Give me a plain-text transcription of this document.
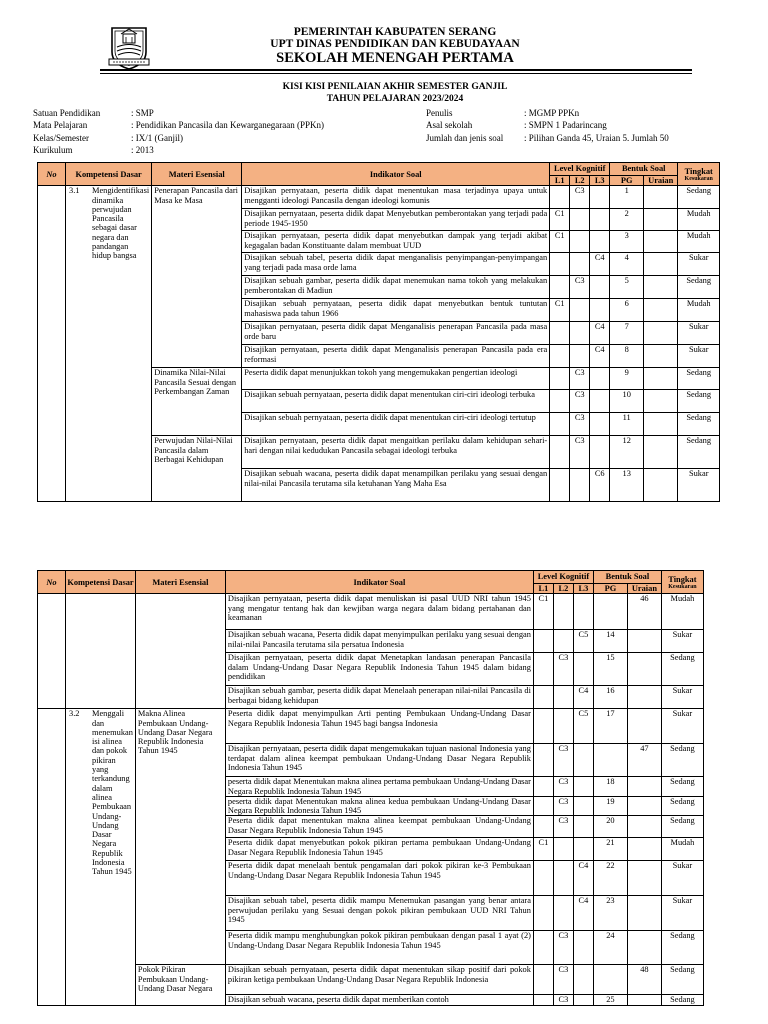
PEMERINTAH KABUPATEN SERANG
UPT DINAS PENDIDIKAN DAN KEBUDAYAAN
SEKOLAH MENENGAH PERTAMA
KISI KISI PENILAIAN AKHIR SEMESTER GANJIL
TAHUN PELAJARAN 2023/2024
Satuan Pendidikan	: SMP
Mata Pelajaran	: Pendidikan Pancasila dan Kewarganegaraan (PPKn)
Kelas/Semester	: IX/1 (Ganjil)
Kurikulum	: 2013
Penulis	: MGMP PPKn
Asal sekolah	: SMPN 1 Padarincang
Jumlah dan jenis soal : Pilihan Ganda 45, Uraian 5. Jumlah 50
No	Kompetensi Dasar	Materi Esensial	Indikator Soal	Level Kognitif			Bentuk Soal		Tingkat
Kesukaran

				L1	L2	L3	PG	Uraian	

	3.1 Mengidentifikasi dinamika perwujudan Pancasila sebagai dasar negara dan pandangan hidup bangsa	Penerapan Pancasila dari Masa ke Masa	Disajikan pernyataan, peserta didik dapat menentukan masa terjadinya upaya untuk mengganti ideologi Pancasila dengan ideologi komunis		C3		1		Sedang
			Disajikan pernyataan, peserta didik dapat Menyebutkan pemberontakan yang terjadi pada periode 1945-1950	C1			2		Mudah
			Disajikan pernyataan, peserta didik dapat menyebutkan dampak yang terjadi akibat kegagalan badan Konstituante dalam membuat UUD	C1			3		Mudah
			Disajikan sebuah tabel, peserta didik dapat menganalisis penyimpangan-penyimpangan yang terjadi pada masa orde lama			C4	4		Sukar
			Disajikan sebuah gambar, peserta didik dapat menemukan nama tokoh yang melakukan pemberontakan di Madiun		C3		5		Sedang
			Disajikan sebuah pernyataan, peserta didik dapat menyebutkan bentuk tuntutan mahasiswa pada tahun 1966	C1			6		Mudah
			Disajikan pernyataan, peserta didik dapat Menganalisis penerapan Pancasila pada masa orde baru			C4	7		Sukar
			Disajikan pernyataan, peserta didik dapat Menganalisis penerapan Pancasila pada era reformasi			C4	8		Sukar
		Dinamika Nilai-Nilai Pancasila Sesuai dengan Perkembangan Zaman	Peserta didik dapat menunjukkan tokoh yang mengemukakan pengertian ideologi		C3		9		Sedang
			Disajikan sebuah pernyataan, peserta didik dapat menentukan ciri-ciri ideologi terbuka		C3		10		Sedang
			Disajikan sebuah pernyataan, peserta didik dapat menentukan ciri-ciri ideologi tertutup		C3		11		Sedang
		Perwujudan Nilai-Nilai Pancasila dalam Berbagai Kehidupan	Disajikan pernyataan, peserta didik dapat mengaitkan perilaku dalam kehidupan sehari-hari dengan nilai kedudukan Pancasila sebagai ideologi terbuka		C3		12		Sedang
			Disajikan sebuah wacana, peserta didik dapat menampilkan perilaku yang sesuai dengan nilai-nilai Pancasila terutama sila ketuhanan Yang Maha Esa			C6	13		Sukar
No	Kompetensi Dasar	Materi Esensial	Indikator Soal	Level Kognitif			Bentuk Soal		Tingkat
Kesukaran

				L1	L2	L3	PG	Uraian	
			Disajikan pernyataan, peserta didik dapat menuliskan isi pasal UUD NRI tahun 1945 yang mengatur tentang hak dan kewjiban warga negara dalam bidang pertahanan dan keamanan	C1				46	Mudah
			Disajikan sebuah wacana, Peserta didik dapat menyimpulkan perilaku yang sesuai dengan nilai-nilai Pancasila terutama sila persatua Indonesia			C5	14		Sukar
			Disajikan pernyataan, peserta didik dapat Menetapkan landasan penerapan Pancasila dalam Undang-Undang Dasar Negara Republik Indonesia Tahun 1945 dalam bidang pendidikan		C3		15		Sedang
			Disajikan sebuah gambar, peserta didik dapat Menelaah penerapan nilai-nilai Pancasila di berbagai bidang kehidupan			C4	16		Sukar

	3.2 Menggali dan menemukan isi alinea dan pokok pikiran yang terkandung dalam alinea Pembukaan Undang-Undang Dasar Negara Republik Indonesia Tahun 1945	Makna Alinea Pembukaan Undang-Undang Dasar Negara Republik Indonesia Tahun 1945	Peserta didik dapat menyimpulkan Arti penting Pembukaan Undang-Undang Dasar Negara Republik Indonesia Tahun 1945 bagi bangsa Indonesia			C5	17		Sukar
			Disajikan pernyataan, peserta didik dapat mengemukakan tujuan nasional Indonesia yang terdapat dalam alinea keempat pembukaan Undang-Undang Dasar Negara Republik Indonesia Tahun 1945		C3			47	Sedang
			peserta didik dapat Menentukan makna alinea pertama pembukaan Undang-Undang Dasar Negara Republik Indonesia Tahun 1945		C3		18		Sedang
			peserta didik dapat Menentukan makna alinea kedua pembukaan Undang-Undang Dasar Negara Republik Indonesia Tahun 1945		C3		19		Sedang
			Peserta didik dapat menentukan makna alinea keempat pembukaan Undang-Undang Dasar Negara Republik Indonesia Tahun 1945		C3		20		Sedang
			Peserta didik dapat menyebutkan pokok pikiran pertama pembukaan Undang-Undang Dasar Negara Republik Indonesia Tahun 1945	C1			21		Mudah
			Peserta didik dapat menelaah bentuk pengamalan dari pokok pikiran ke-3 Pembukaan Undang-Undang Dasar Negara Republik Indonesia Tahun 1945			C4	22		Sukar
			Disajikan sebuah tabel, peserta didik mampu Menemukan pasangan yang benar antara perwujudan perilaku yang Sesuai dengan pokok pikiran pembukaan UUD NRI Tahun 1945			C4	23		Sukar
			Peserta didik mampu menghubungkan pokok pikiran pembukaan dengan pasal 1 ayat (2) Undang-Undang Dasar Negara Republik Indonesia Tahun 1945		C3		24		Sedang
		Pokok Pikiran Pembukaan Undang-Undang Dasar Negara	Disajikan sebuah pernyataan, peserta didik dapat menentukan sikap positif dari pokok pikiran ketiga pembukaan Undang-Undang Dasar Negara Republik Indonesia		C3			48	Sedang
			Disajikan sebuah wacana, peserta didik dapat memberikan contoh		C3		25		Sedang
